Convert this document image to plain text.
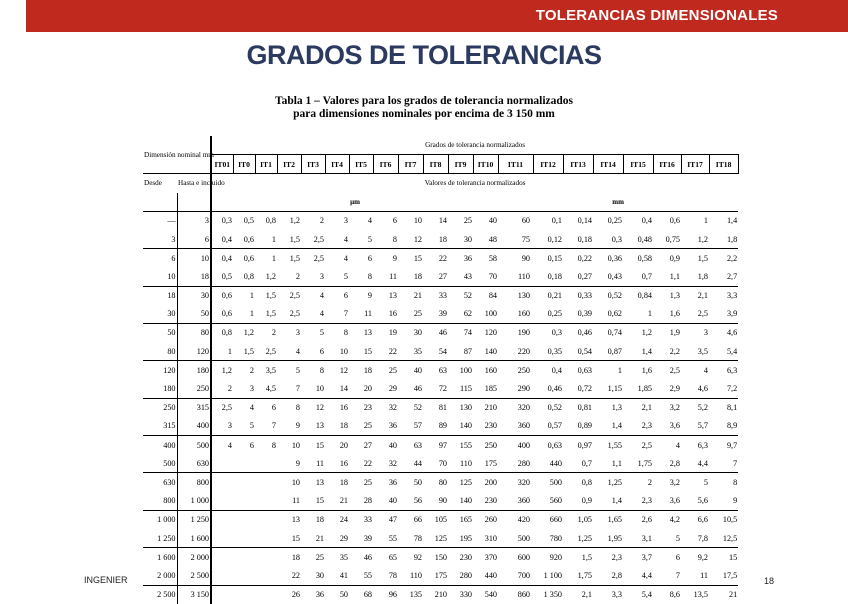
TOLERANCIAS DIMENSIONALES
GRADOS DE TOLERANCIAS
Tabla 1 – Valores para los grados de tolerancia normalizados
para dimensiones nominales por encima de 3 150 mm
Dimensión nominal mm		Grados de tolerancia normalizados																				
		IT01	IT0	IT1	IT2	IT3	IT4	IT5	IT6	IT7	IT8	IT9	IT10	IT11	IT12	IT13	IT14	IT15	IT16	IT17	IT18	
Desde	Hasta e incluido	Valores de tolerancia normalizados																				
		µm												mm								
—	3	0,3	0,5	0,8	1,2	2	3	4	6	10	14	25	40	60	0,1	0,14	0,25	0,4	0,6	1	1,4	
3	6	0,4	0,6	1	1,5	2,5	4	5	8	12	18	30	48	75	0,12	0,18	0,3	0,48	0,75	1,2	1,8	
6	10	0,4	0,6	1	1,5	2,5	4	6	9	15	22	36	58	90	0,15	0,22	0,36	0,58	0,9	1,5	2,2	
10	18	0,5	0,8	1,2	2	3	5	8	11	18	27	43	70	110	0,18	0,27	0,43	0,7	1,1	1,8	2,7	
18	30	0,6	1	1,5	2,5	4	6	9	13	21	33	52	84	130	0,21	0,33	0,52	0,84	1,3	2,1	3,3	
30	50	0,6	1	1,5	2,5	4	7	11	16	25	39	62	100	160	0,25	0,39	0,62	1	1,6	2,5	3,9	
50	80	0,8	1,2	2	3	5	8	13	19	30	46	74	120	190	0,3	0,46	0,74	1,2	1,9	3	4,6	
80	120	1	1,5	2,5	4	6	10	15	22	35	54	87	140	220	0,35	0,54	0,87	1,4	2,2	3,5	5,4	
120	180	1,2	2	3,5	5	8	12	18	25	40	63	100	160	250	0,4	0,63	1	1,6	2,5	4	6,3	
180	250	2	3	4,5	7	10	14	20	29	46	72	115	185	290	0,46	0,72	1,15	1,85	2,9	4,6	7,2	
250	315	2,5	4	6	8	12	16	23	32	52	81	130	210	320	0,52	0,81	1,3	2,1	3,2	5,2	8,1	
315	400	3	5	7	9	13	18	25	36	57	89	140	230	360	0,57	0,89	1,4	2,3	3,6	5,7	8,9	
400	500	4	6	8	10	15	20	27	40	63	97	155	250	400	0,63	0,97	1,55	2,5	4	6,3	9,7	
500	630				9	11	16	22	32	44	70	110	175	280	440	0,7	1,1	1,75	2,8	4,4	7	
630	800				10	13	18	25	36	50	80	125	200	320	500	0,8	1,25	2	3,2	5	8	
800	1 000				11	15	21	28	40	56	90	140	230	360	560	0,9	1,4	2,3	3,6	5,6	9	
1 000	1 250				13	18	24	33	47	66	105	165	260	420	660	1,05	1,65	2,6	4,2	6,6	10,5	
1 250	1 600				15	21	29	39	55	78	125	195	310	500	780	1,25	1,95	3,1	5	7,8	12,5	
1 600	2 000				18	25	35	46	65	92	150	230	370	600	920	1,5	2,3	3,7	6	9,2	15	
2 000	2 500				22	30	41	55	78	110	175	280	440	700	1 100	1,75	2,8	4,4	7	11	17,5	
2 500	3 150				26	36	50	68	96	135	210	330	540	860	1 350	2,1	3,3	5,4	8,6	13,5	21	
INGENIER	18
